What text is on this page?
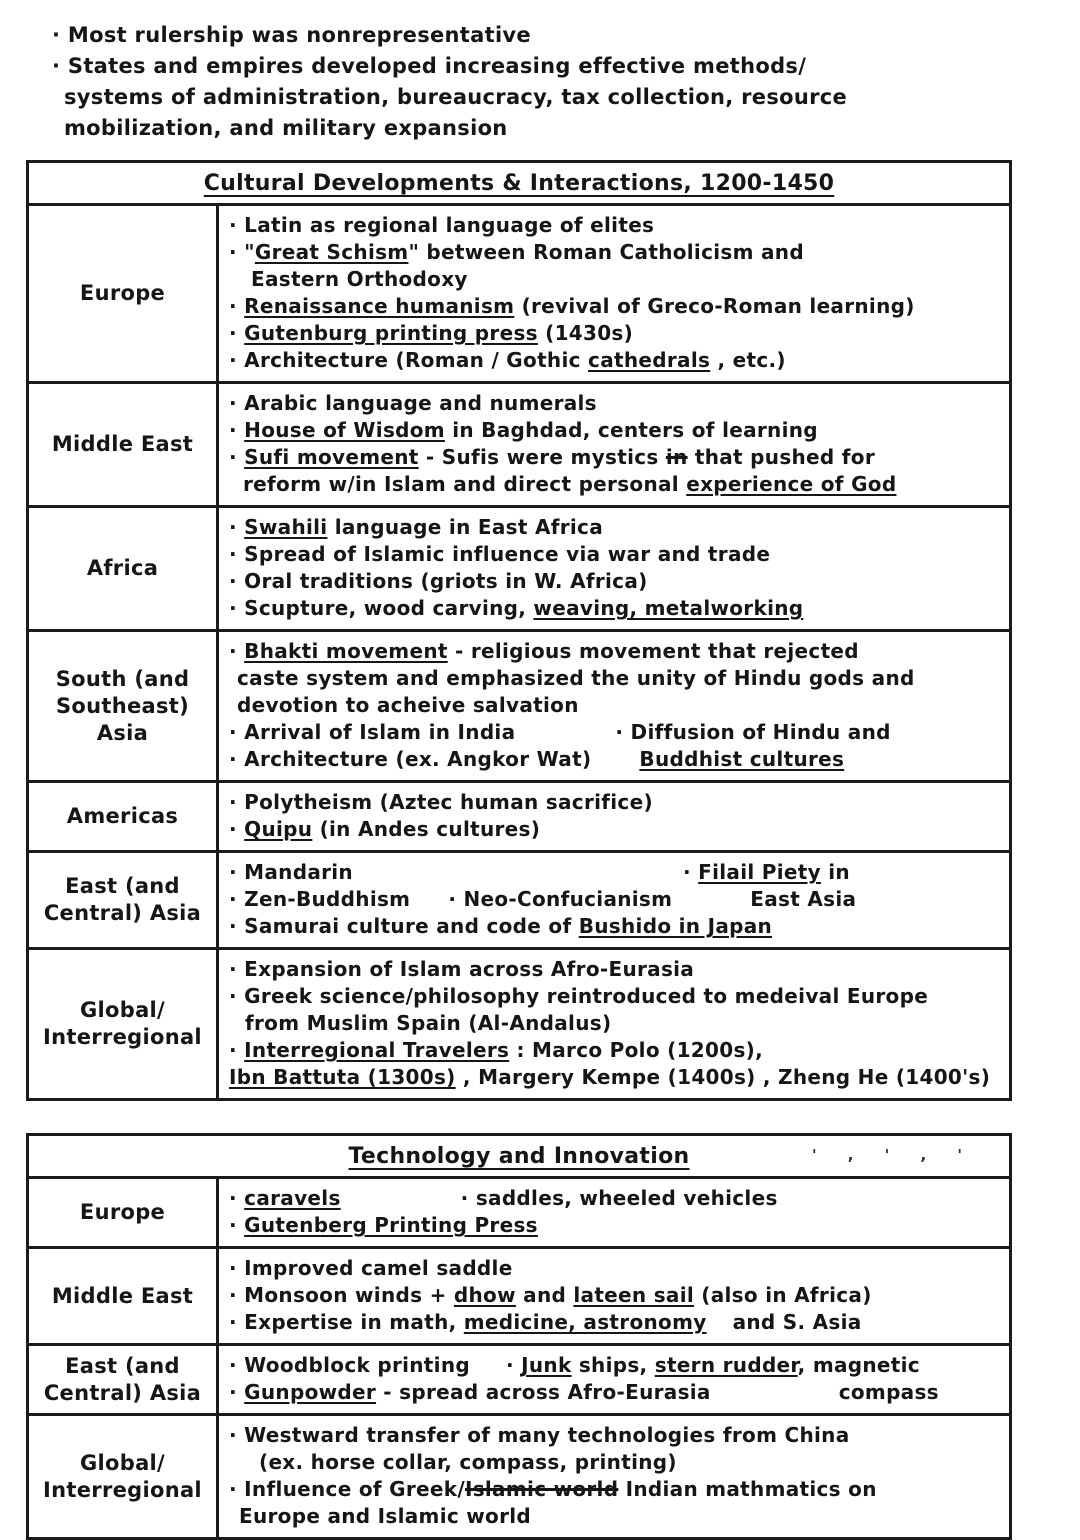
· Most rulership was nonrepresentative
· States and empires developed increasing effective methods/
systems of administration, bureaucracy, tax collection, resource
mobilization, and military expansion
Cultural Developments & Interactions, 1200-1450
Europe
· Latin as regional language of elites
· "Great Schism" between Roman Catholicism and
Eastern Orthodoxy
· Renaissance humanism (revival of Greco-Roman learning)
· Gutenburg printing press (1430s)
· Architecture (Roman / Gothic cathedrals , etc.)
Middle East
· Arabic language and numerals
· House of Wisdom in Baghdad, centers of learning
· Sufi movement - Sufis were mystics in that pushed for
reform w/in Islam and direct personal experience of God
Africa
· Swahili language in East Africa
· Spread of Islamic influence via war and trade
· Oral traditions (griots in W. Africa)
· Scupture, wood carving, weaving, metalworking
South (and
Southeast) Asia
· Bhakti movement - religious movement that rejected
caste system and emphasized the unity of Hindu gods and
devotion to acheive salvation
· Arrival of Islam in India	· Diffusion of Hindu and
· Architecture (ex. Angkor Wat) Buddhist cultures
Americas
· Polytheism (Aztec human sacrifice)
· Quipu (in Andes cultures)
East (and
Central) Asia
· Mandarin	· Filail Piety in
· Zen-Buddhism · Neo-Confucianism	East Asia
· Samurai culture and code of Bushido in Japan
Global/
Interregional
· Expansion of Islam across Afro-Eurasia
· Greek science/philosophy reintroduced to medeival Europe
from Muslim Spain (Al-Andalus)
· Interregional Travelers : Marco Polo (1200s),
Ibn Battuta (1300s) , Margery Kempe (1400s) , Zheng He (1400's)
Technology and Innovation	' , ' , '
Europe
· caravels	· saddles, wheeled vehicles
· Gutenberg Printing Press
Middle East
· Improved camel saddle
· Monsoon winds + dhow and lateen sail (also in Africa)
· Expertise in math, medicine, astronomy and S. Asia
East (and
Central) Asia
· Woodblock printing · Junk ships, stern rudder, magnetic
· Gunpowder - spread across Afro-Eurasia	compass
Global/
Interregional
· Westward transfer of many technologies from China
(ex. horse collar, compass, printing)
· Influence of Greek/Islamic world Indian mathmatics on
Europe and Islamic world
